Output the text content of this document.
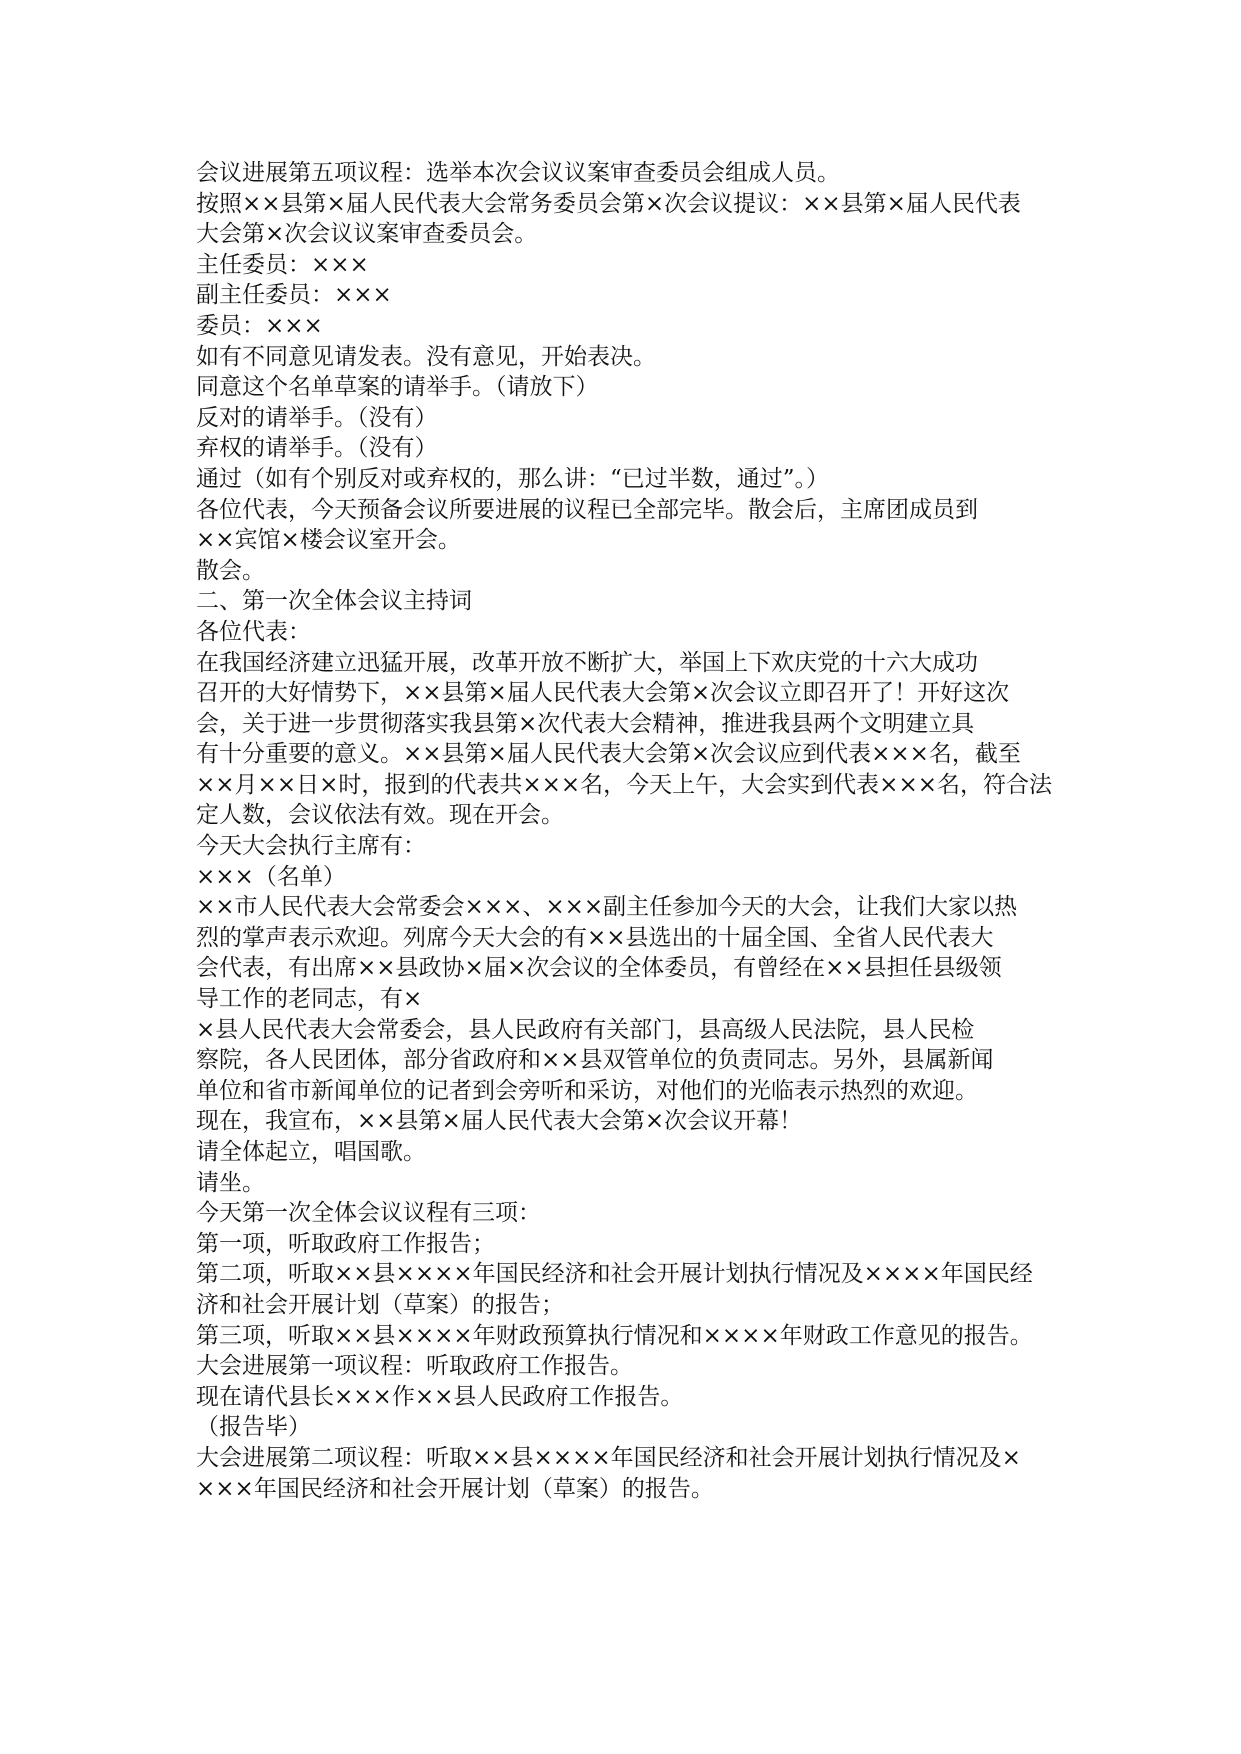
会议进展第五项议程：选举本次会议议案审查委员会组成人员。

按照××县第×届人民代表大会常务委员会第×次会议提议：××县第×届人民代表

大会第×次会议议案审查委员会。

主任委员：×××

副主任委员：×××

委员：×××

如有不同意见请发表。没有意见，开始表决。

同意这个名单草案的请举手。（请放下）

反对的请举手。（没有）

弃权的请举手。（没有）

通过（如有个别反对或弃权的，那么讲：“已过半数，通过”。）

各位代表，今天预备会议所要进展的议程已全部完毕。散会后，主席团成员到

××宾馆×楼会议室开会。

散会。

二、第一次全体会议主持词

各位代表：

在我国经济建立迅猛开展，改革开放不断扩大，举国上下欢庆党的十六大成功

召开的大好情势下，××县第×届人民代表大会第×次会议立即召开了！开好这次

会，关于进一步贯彻落实我县第×次代表大会精神，推进我县两个文明建立具

有十分重要的意义。××县第×届人民代表大会第×次会议应到代表×××名，截至

××月××日×时，报到的代表共×××名，今天上午，大会实到代表×××名，符合法

定人数，会议依法有效。现在开会。

今天大会执行主席有：

×××（名单）

××市人民代表大会常委会×××、×××副主任参加今天的大会，让我们大家以热

烈的掌声表示欢迎。列席今天大会的有××县选出的十届全国、全省人民代表大

会代表，有出席××县政协×届×次会议的全体委员，有曾经在××县担任县级领

导工作的老同志，有×

×县人民代表大会常委会，县人民政府有关部门，县高级人民法院，县人民检

察院，各人民团体，部分省政府和××县双管单位的负责同志。另外，县属新闻

单位和省市新闻单位的记者到会旁听和采访，对他们的光临表示热烈的欢迎。

现在，我宣布，××县第×届人民代表大会第×次会议开幕！

请全体起立，唱国歌。

请坐。

今天第一次全体会议议程有三项：

第一项，听取政府工作报告；

第二项，听取××县××××年国民经济和社会开展计划执行情况及××××年国民经

济和社会开展计划（草案）的报告；

第三项，听取××县××××年财政预算执行情况和××××年财政工作意见的报告。

大会进展第一项议程：听取政府工作报告。

现在请代县长×××作××县人民政府工作报告。

（报告毕）

大会进展第二项议程：听取××县××××年国民经济和社会开展计划执行情况及×

×××年国民经济和社会开展计划（草案）的报告。
